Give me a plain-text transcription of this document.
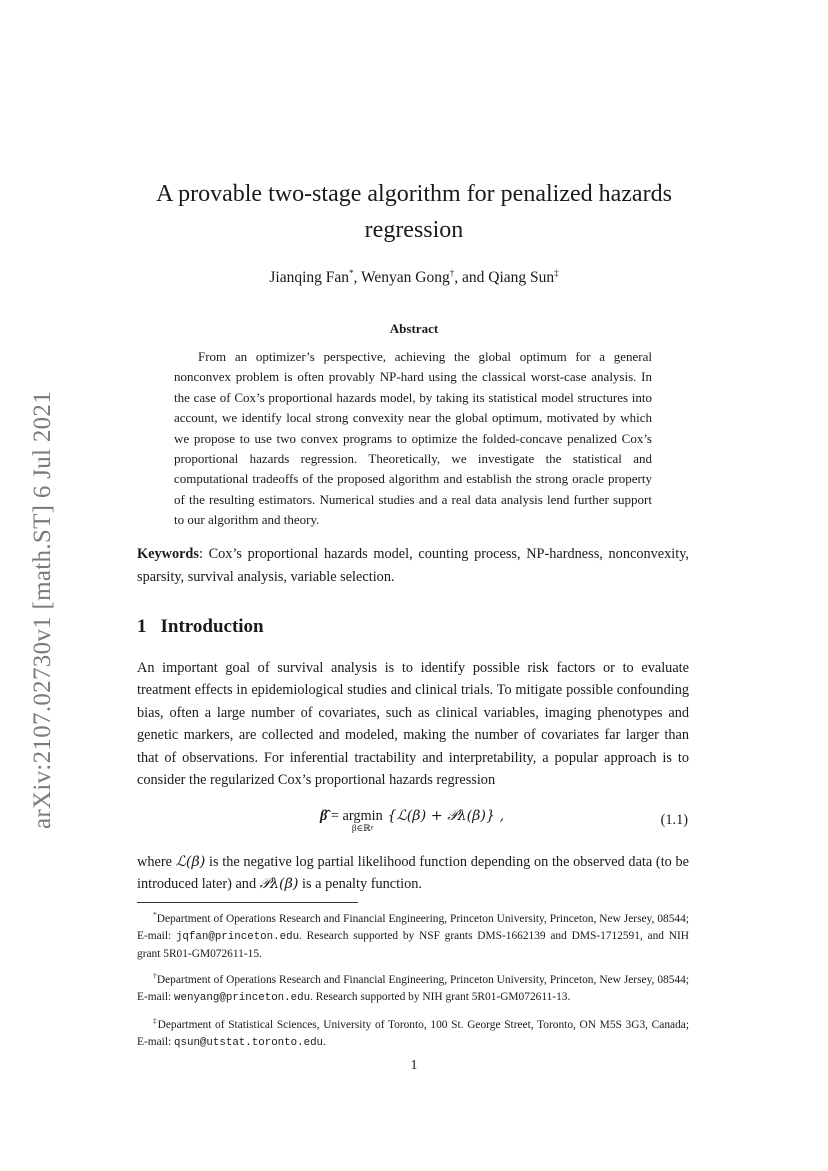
arXiv:2107.02730v1 [math.ST] 6 Jul 2021
A provable two-stage algorithm for penalized hazards regression
Jianqing Fan*, Wenyan Gong†, and Qiang Sun‡
Abstract
From an optimizer’s perspective, achieving the global optimum for a general nonconvex problem is often provably NP-hard using the classical worst-case analysis. In the case of Cox’s proportional hazards model, by taking its statistical model structures into account, we identify local strong convexity near the global optimum, motivated by which we propose to use two convex programs to optimize the folded-concave penalized Cox’s proportional hazards regression. Theoretically, we investigate the statistical and computational tradeoffs of the proposed algorithm and establish the strong oracle property of the resulting estimators. Numerical studies and a real data analysis lend further support to our algorithm and theory.
Keywords: Cox’s proportional hazards model, counting process, NP-hardness, nonconvexity, sparsity, survival analysis, variable selection.
1 Introduction
An important goal of survival analysis is to identify possible risk factors or to evaluate treatment effects in epidemiological studies and clinical trials. To mitigate possible confounding bias, often a large number of covariates, such as clinical variables, imaging phenotypes and genetic markers, are collected and modeled, making the number of covariates far larger than that of observations. For inferential tractability and interpretability, a popular approach is to consider the regularized Cox’s proportional hazards regression
β̂ = argmin
β∈ℝᵖ
{ℒ(β) + 𝒫λ(β)} ,	(1.1)
where ℒ(β) is the negative log partial likelihood function depending on the observed data (to be introduced later) and 𝒫λ(β) is a penalty function.

*Department of Operations Research and Financial Engineering, Princeton University, Princeton, New Jersey, 08544; E-mail: jqfan@princeton.edu. Research supported by NSF grants DMS-1662139 and DMS-1712591, and NIH grant 5R01-GM072611-15.

†Department of Operations Research and Financial Engineering, Princeton University, Princeton, New Jersey, 08544; E-mail: wenyang@princeton.edu. Research supported by NIH grant 5R01-GM072611-13.

‡Department of Statistical Sciences, University of Toronto, 100 St. George Street, Toronto, ON M5S 3G3, Canada; E-mail: qsun@utstat.toronto.edu.

1
